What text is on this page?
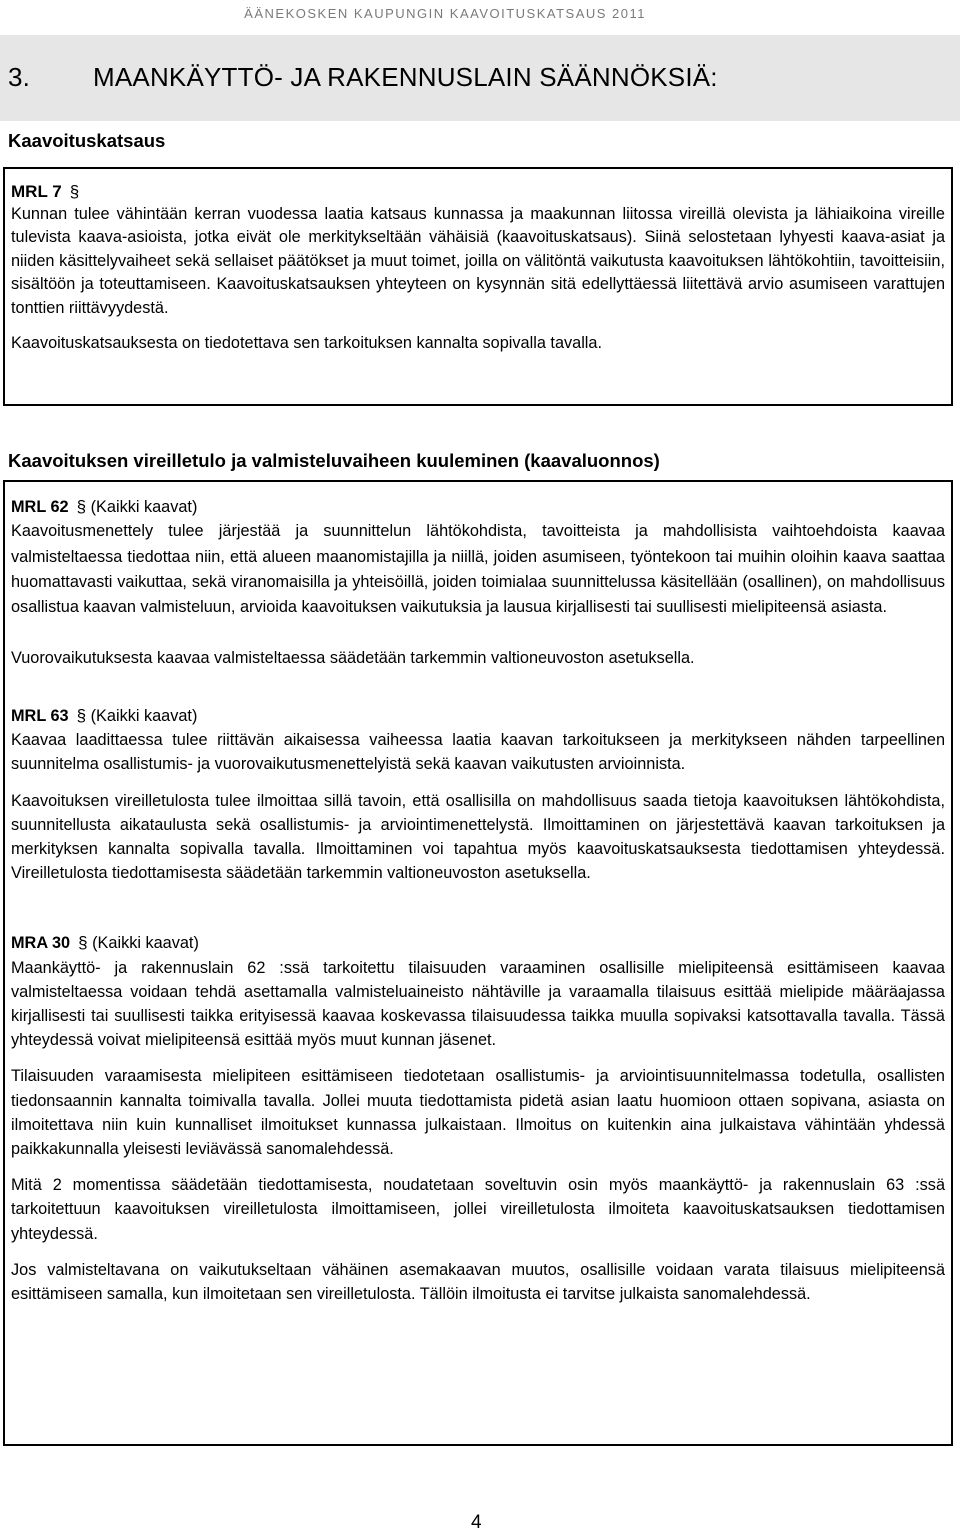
ÄÄNEKOSKEN KAUPUNGIN KAAVOITUSKATSAUS 2011
3. MAANKÄYTTÖ- JA RAKENNUSLAIN SÄÄNNÖKSIÄ:
Kaavoituskatsaus
MRL 7 §

Kunnan tulee vähintään kerran vuodessa laatia katsaus kunnassa ja maakunnan liitossa vireillä olevista ja lähiaikoina vireille tulevista kaava-asioista, jotka eivät ole merkitykseltään vähäisiä (kaavoituskatsaus). Siinä selostetaan lyhyesti kaava-asiat ja niiden käsittelyvaiheet sekä sellaiset päätökset ja muut toimet, joilla on välitöntä vaikutusta kaavoituksen lähtökohtiin, tavoitteisiin, sisältöön ja toteuttamiseen. Kaavoituskatsauksen yhteyteen on kysynnän sitä edellyttäessä liitettävä arvio asumiseen varattujen tonttien riittävyydestä.

Kaavoituskatsauksesta on tiedotettava sen tarkoituksen kannalta sopivalla tavalla.

Kaavoituksen vireilletulo ja valmisteluvaiheen kuuleminen (kaavaluonnos)
MRL 62 § (Kaikki kaavat)

Kaavoitusmenettely tulee järjestää ja suunnittelun lähtökohdista, tavoitteista ja mahdollisista vaihtoehdoista kaavaa valmisteltaessa tiedottaa niin, että alueen maanomistajilla ja niillä, joiden asumiseen, työntekoon tai muihin oloihin kaava saattaa huomattavasti vaikuttaa, sekä viranomaisilla ja yhteisöillä, joiden toimialaa suunnittelussa käsitellään (osallinen), on mahdollisuus osallistua kaavan valmisteluun, arvioida kaavoituksen vaikutuksia ja lausua kirjallisesti tai suullisesti mielipiteensä asiasta.

Vuorovaikutuksesta kaavaa valmisteltaessa säädetään tarkemmin valtioneuvoston asetuksella.

MRL 63 § (Kaikki kaavat)

Kaavaa laadittaessa tulee riittävän aikaisessa vaiheessa laatia kaavan tarkoitukseen ja merkitykseen nähden tarpeellinen suunnitelma osallistumis- ja vuorovaikutusmenettelyistä sekä kaavan vaikutusten arvioinnista.

Kaavoituksen vireilletulosta tulee ilmoittaa sillä tavoin, että osallisilla on mahdollisuus saada tietoja kaavoituksen lähtökohdista, suunnitellusta aikataulusta sekä osallistumis- ja arviointimenettelystä. Ilmoittaminen on järjestettävä kaavan tarkoituksen ja merkityksen kannalta sopivalla tavalla. Ilmoittaminen voi tapahtua myös kaavoituskatsauksesta tiedottamisen yhteydessä. Vireilletulosta tiedottamisesta säädetään tarkemmin valtioneuvoston asetuksella.

MRA 30 § (Kaikki kaavat)

Maankäyttö- ja rakennuslain 62 :ssä tarkoitettu tilaisuuden varaaminen osallisille mielipiteensä esittämiseen kaavaa valmisteltaessa voidaan tehdä asettamalla valmisteluaineisto nähtäville ja varaamalla tilaisuus esittää mielipide määräajassa kirjallisesti tai suullisesti taikka erityisessä kaavaa koskevassa tilaisuudessa taikka muulla sopivaksi katsottavalla tavalla. Tässä yhteydessä voivat mielipiteensä esittää myös muut kunnan jäsenet.

Tilaisuuden varaamisesta mielipiteen esittämiseen tiedotetaan osallistumis- ja arviointisuunnitelmassa todetulla, osallisten tiedonsaannin kannalta toimivalla tavalla. Jollei muuta tiedottamista pidetä asian laatu huomioon ottaen sopivana, asiasta on ilmoitettava niin kuin kunnalliset ilmoitukset kunnassa julkaistaan. Ilmoitus on kuitenkin aina julkaistava vähintään yhdessä paikkakunnalla yleisesti leviävässä sanomalehdessä.

Mitä 2 momentissa säädetään tiedottamisesta, noudatetaan soveltuvin osin myös maankäyttö- ja rakennuslain 63 :ssä tarkoitettuun kaavoituksen vireilletulosta ilmoittamiseen, jollei vireilletulosta ilmoiteta kaavoituskatsauksen tiedottamisen yhteydessä.

Jos valmisteltavana on vaikutukseltaan vähäinen asemakaavan muutos, osallisille voidaan varata tilaisuus mielipiteensä esittämiseen samalla, kun ilmoitetaan sen vireilletulosta. Tällöin ilmoitusta ei tarvitse julkaista sanomalehdessä.

4
